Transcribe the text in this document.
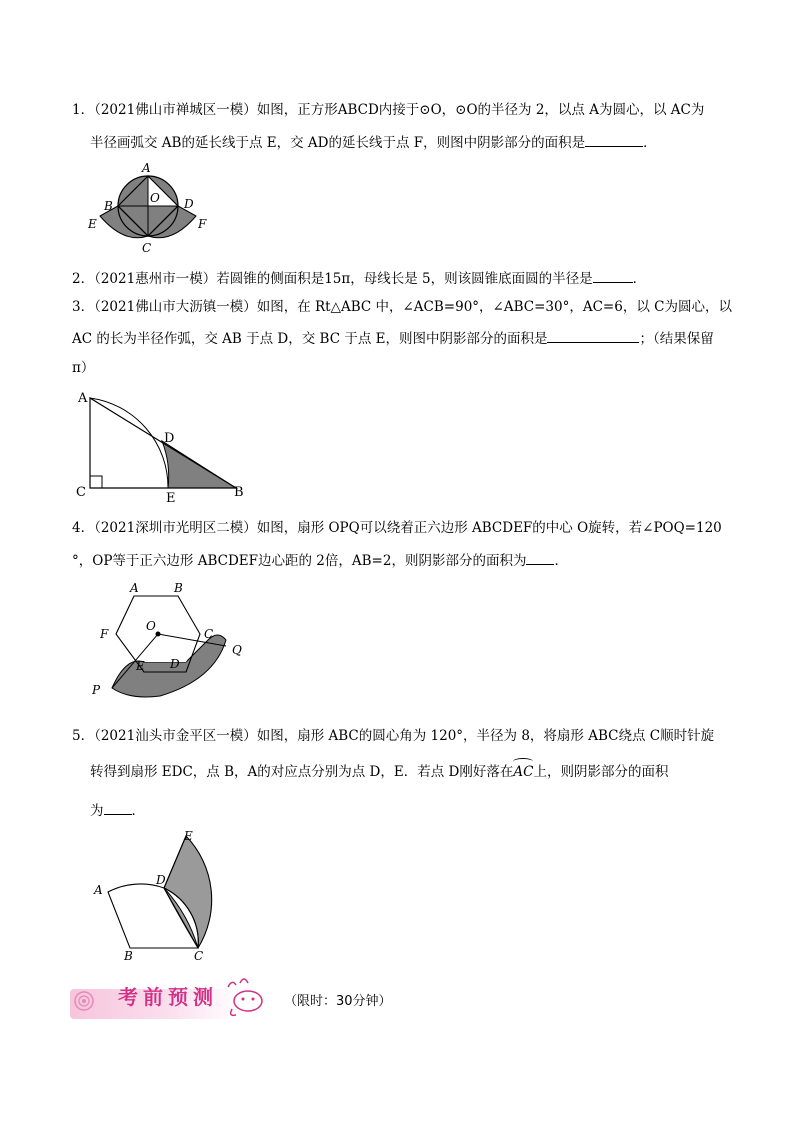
1．（2021佛山市禅城区一模）如图，正方形ABCD内接于⊙O，⊙O的半径为 2，以点 A为圆心，以 AC为
半径画弧交 AB的延长线于点 E，交 AD的延长线于点 F，则图中阴影部分的面积是	．
A
B
O D
E	F
C
2．（2021惠州市一模）若圆锥的侧面积是15π，母线长是 5，则该圆锥底面圆的半径是	．
3．（2021佛山市大沥镇一模）如图，在 Rt△ABC 中，∠ACB=90°，∠ABC=30°，AC=6，以 C为圆心，以
AC 的长为半径作弧，交 AB 于点 D，交 BC 于点 E，则图中阴影部分的面积是	；（结果保留
π）
A
D
C	E	B
4．（2021深圳市光明区二模）如图，扇形 OPQ可以绕着正六边形 ABCDEF的中心 O旋转，若∠POQ=120
°，OP等于正六边形 ABCDEF边心距的 2倍，AB=2，则阴影部分的面积为 ．
A	B
F
O
C
Q
E D
P
5．（2021汕头市金平区一模）如图，扇形 ABC的圆心角为 120°，半径为 8，将扇形 ABC绕点 C顺时针旋
转得到扇形 EDC，点 B，A的对应点分别为点 D，E．若点 D刚好落在
AC上，则阴影部分的面积
为 ．
E
A
D
B	C
考前预测	（限时：30分钟）
